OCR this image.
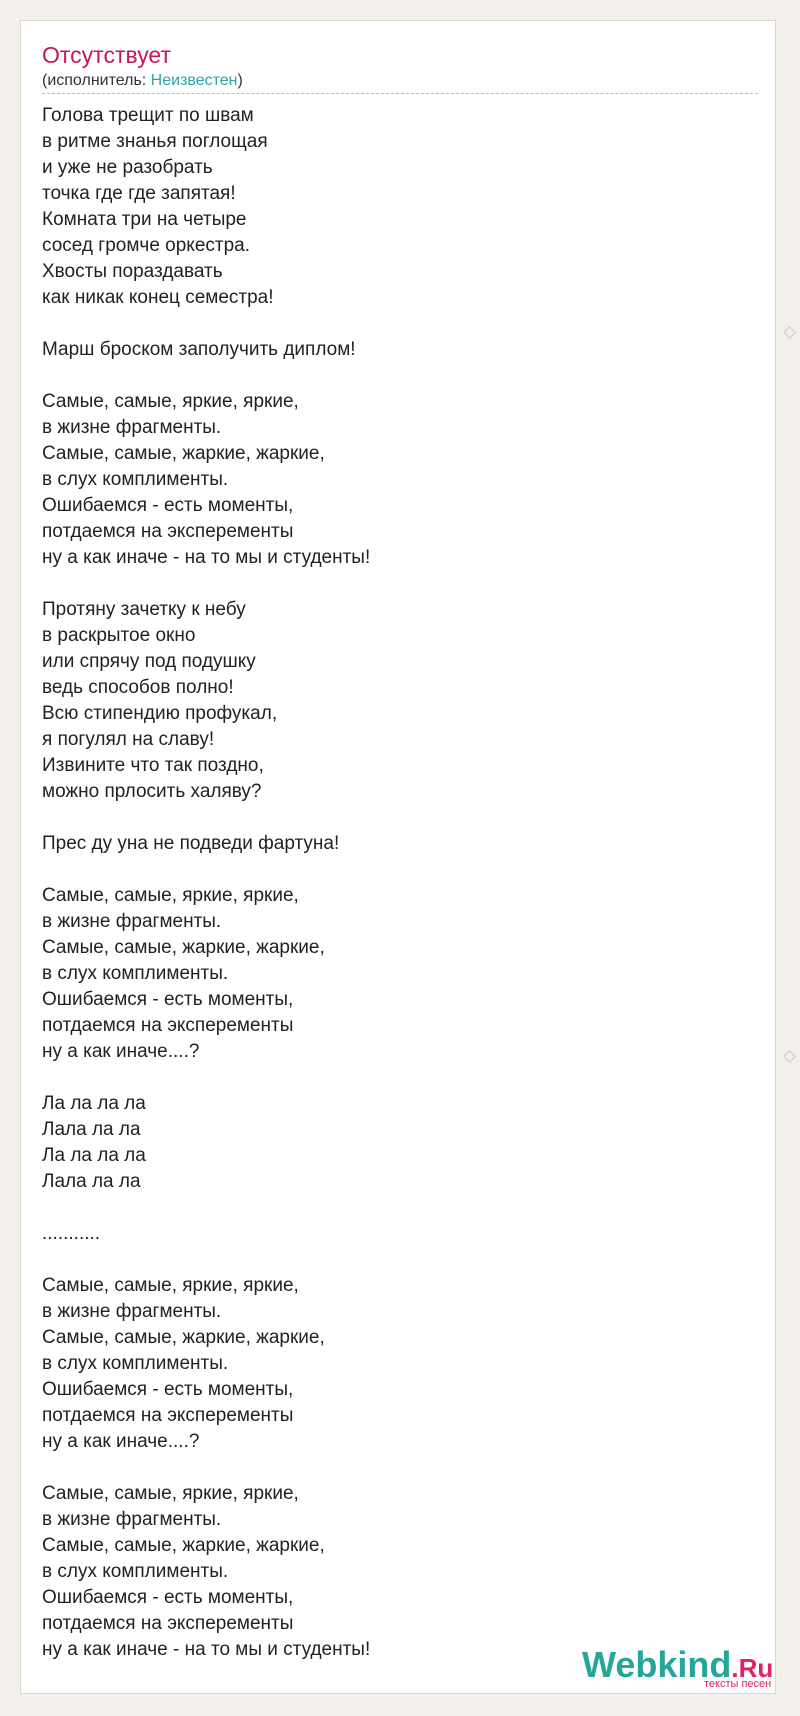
Отсутствует
(исполнитель: Неизвестен)
Голова трещит по швам
в ритме знанья поглощая
и уже не разобрать
точка где где запятая!
Комната три на четыре
сосед громче оркестра.
Хвосты пораздавать
как никак конец семестра!

Марш броском заполучить диплом!

Самые, самые, яркие, яркие,
в жизне фрагменты.
Самые, самые, жаркие, жаркие,
в слух комплименты.
Ошибаемся - есть моменты,
потдаемся на эксперементы
ну а как иначе - на то мы и студенты!

Протяну зачетку к небу
в раскрытое окно
или спрячу под подушку
ведь способов полно!
Всю стипендию профукал,
я погулял на славу!
Извините что так поздно,
можно прлосить халяву?

Прес ду уна не подведи фартуна!

Самые, самые, яркие, яркие,
в жизне фрагменты.
Самые, самые, жаркие, жаркие,
в слух комплименты.
Ошибаемся - есть моменты,
потдаемся на эксперементы
ну а как иначе....?

Ла ла ла ла
Лала ла ла
Ла ла ла ла
Лала ла ла

...........

Самые, самые, яркие, яркие,
в жизне фрагменты.
Самые, самые, жаркие, жаркие,
в слух комплименты.
Ошибаемся - есть моменты,
потдаемся на эксперементы
ну а как иначе....?

Самые, самые, яркие, яркие,
в жизне фрагменты.
Самые, самые, жаркие, жаркие,
в слух комплименты.
Ошибаемся - есть моменты,
потдаемся на эксперементы
ну а как иначе - на то мы и студенты!	Webkind.Ru
тексты песен
